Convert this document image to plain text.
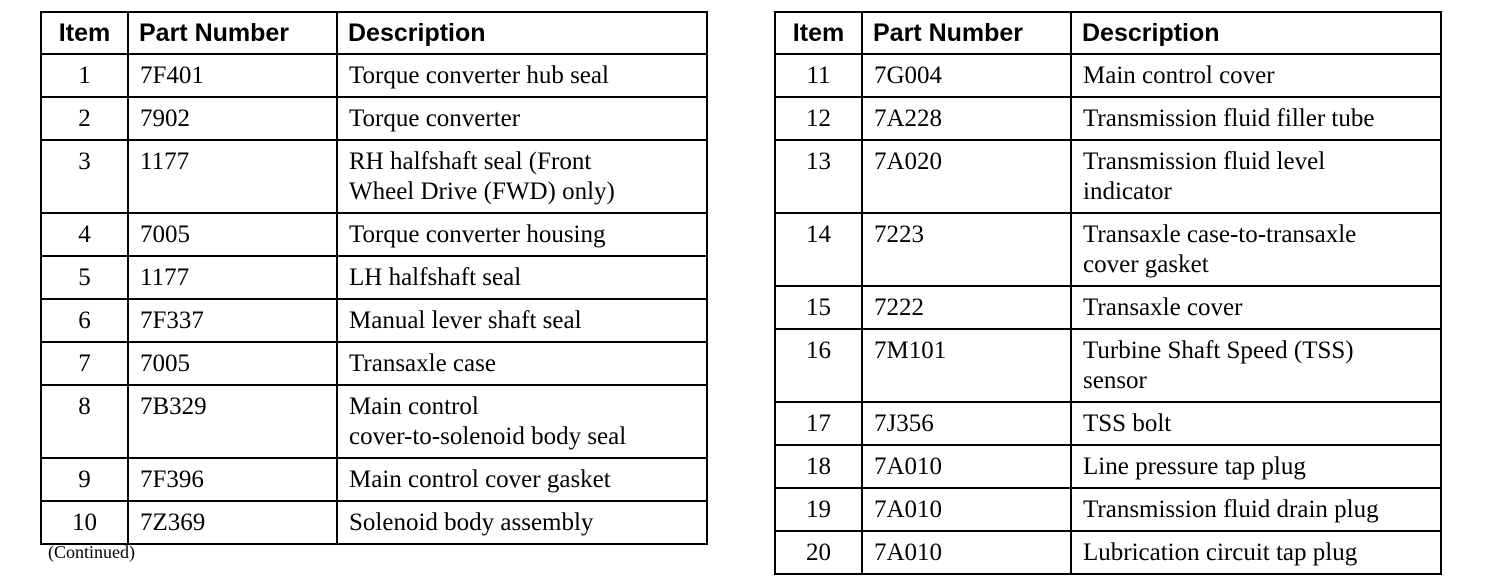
Item	Part Number	Description
1	7F401	Torque converter hub seal
2	7902	Torque converter
3	1177	RH halfshaft seal (Front
Wheel Drive (FWD) only)
4	7005	Torque converter housing
5	1177	LH halfshaft seal
6	7F337	Manual lever shaft seal
7	7005	Transaxle case
8	7B329	Main control
cover-to-solenoid body seal
9	7F396	Main control cover gasket
10	7Z369	Solenoid body assembly
Item	Part Number	Description
11	7G004	Main control cover
12	7A228	Transmission fluid filler tube
13	7A020	Transmission fluid level
indicator
14	7223	Transaxle case-to-transaxle
cover gasket
15	7222	Transaxle cover
16	7M101	Turbine Shaft Speed (TSS)
sensor
17	7J356	TSS bolt
18	7A010	Line pressure tap plug
19	7A010	Transmission fluid drain plug
20	7A010	Lubrication circuit tap plug
(Continued)
